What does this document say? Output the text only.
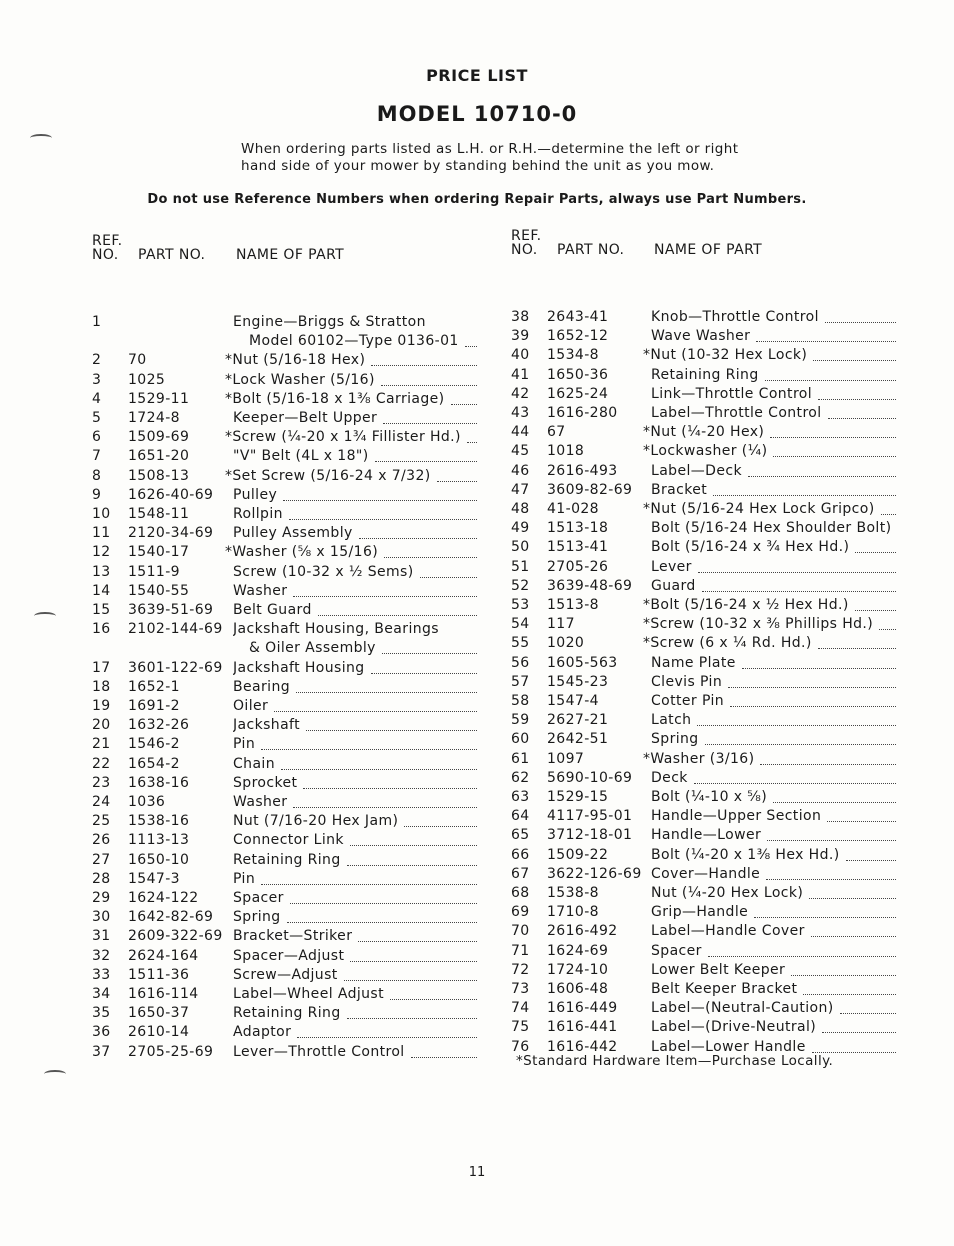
PRICE LIST
MODEL 10710-0
When ordering parts listed as L.H. or R.H.—determine the left or right hand side of your mower by standing behind the unit as you mow.
Do not use Reference Numbers when ordering Repair Parts, always use Part Numbers.
REF.
NO. PART NO. NAME OF PART
1	Engine—Briggs & Stratton
Model 60102—Type 0136-01
2	70	*Nut (5/16-18 Hex)
3	1025	*Lock Washer (5/16)
4	1529-11	*Bolt (5/16-18 x 1⅜ Carriage)
5	1724-8	Keeper—Belt Upper
6	1509-69	*Screw (¼-20 x 1¾ Fillister Hd.)
7	1651-20	"V" Belt (4L x 18")
8	1508-13	*Set Screw (5/16-24 x 7/32)
9	1626-40-69 Pulley
10	1548-11	Rollpin
11	2120-34-69 Pulley Assembly
12	1540-17	*Washer (⅝ x 15/16)
13	1511-9	Screw (10-32 x ½ Sems)
14	1540-55	Washer
15	3639-51-69 Belt Guard
16	2102-144-69 Jackshaft Housing, Bearings
& Oiler Assembly
17	3601-122-69 Jackshaft Housing
18	1652-1	Bearing
19	1691-2	Oiler
20	1632-26	Jackshaft
21	1546-2	Pin
22	1654-2	Chain
23	1638-16	Sprocket
24	1036	Washer
25	1538-16	Nut (7/16-20 Hex Jam)
26	1113-13	Connector Link
27	1650-10	Retaining Ring
28	1547-3	Pin
29	1624-122 Spacer
30	1642-82-69 Spring
31	2609-322-69 Bracket—Striker
32	2624-164 Spacer—Adjust
33	1511-36	Screw—Adjust
34	1616-114 Label—Wheel Adjust
35	1650-37	Retaining Ring
36	2610-14	Adaptor
37	2705-25-69 Lever—Throttle Control
REF.
NO. PART NO. NAME OF PART
38	2643-41	Knob—Throttle Control
39	1652-12	Wave Washer
40	1534-8	*Nut (10-32 Hex Lock)
41	1650-36	Retaining Ring
42	1625-24	Link—Throttle Control
43	1616-280 Label—Throttle Control
44	67	*Nut (¼-20 Hex)
45	1018	*Lockwasher (¼)
46	2616-493 Label—Deck
47	3609-82-69 Bracket
48	41-028	*Nut (5/16-24 Hex Lock Gripco)
49	1513-18	Bolt (5/16-24 Hex Shoulder Bolt)
50	1513-41	Bolt (5/16-24 x ¾ Hex Hd.)
51	2705-26	Lever
52	3639-48-69 Guard
53	1513-8	*Bolt (5/16-24 x ½ Hex Hd.)
54	117	*Screw (10-32 x ⅜ Phillips Hd.)
55	1020	*Screw (6 x ¼ Rd. Hd.)
56	1605-563 Name Plate
57	1545-23	Clevis Pin
58	1547-4	Cotter Pin
59	2627-21	Latch
60	2642-51	Spring
61	1097	*Washer (3/16)
62	5690-10-69 Deck
63	1529-15	Bolt (¼-10 x ⅝)
64	4117-95-01 Handle—Upper Section
65	3712-18-01 Handle—Lower
66	1509-22	Bolt (¼-20 x 1⅜ Hex Hd.)
67	3622-126-69 Cover—Handle
68	1538-8	Nut (¼-20 Hex Lock)
69	1710-8	Grip—Handle
70	2616-492 Label—Handle Cover
71	1624-69	Spacer
72	1724-10	Lower Belt Keeper
73	1606-48	Belt Keeper Bracket
74	1616-449 Label—(Neutral-Caution)
75	1616-441 Label—(Drive-Neutral)
76	1616-442 Label—Lower Handle
*Standard Hardware Item—Purchase Locally.
11
